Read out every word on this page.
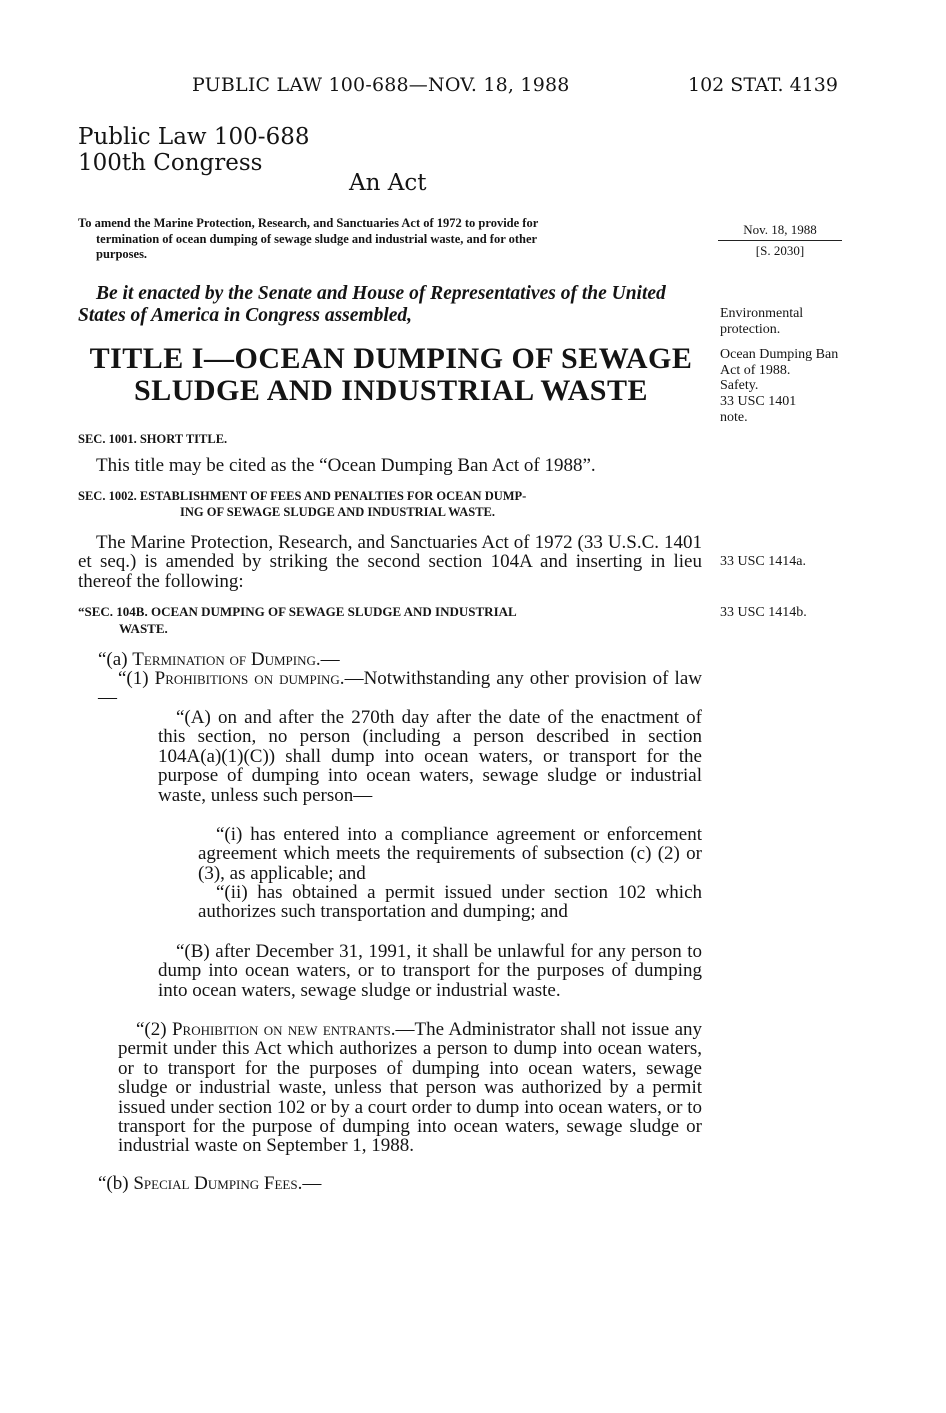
PUBLIC LAW 100-688—NOV. 18, 1988	102 STAT. 4139
Public Law 100-688
100th Congress
An Act
To amend the Marine Protection, Research, and Sanctuaries Act of 1972 to provide for
termination of ocean dumping of sewage sludge and industrial waste, and for other
purposes.
Nov. 18, 1988
[S. 2030]
Be it enacted by the Senate and House of Representatives of the United States of America in Congress assembled,	Environmental protection.
Ocean Dumping Ban Act of 1988.
Safety.
33 USC 1401 note.
TITLE I—OCEAN DUMPING OF SEWAGE
SLUDGE AND INDUSTRIAL WASTE
SEC. 1001. SHORT TITLE.
This title may be cited as the “Ocean Dumping Ban Act of 1988”.
SEC. 1002. ESTABLISHMENT OF FEES AND PENALTIES FOR OCEAN DUMP-
ING OF SEWAGE SLUDGE AND INDUSTRIAL WASTE.
The Marine Protection, Research, and Sanctuaries Act of 1972 (33 U.S.C. 1401 et seq.) is amended by striking the second section 104A and inserting in lieu thereof the following:
33 USC 1414a.
“SEC. 104B. OCEAN DUMPING OF SEWAGE SLUDGE AND INDUSTRIAL
WASTE.
33 USC 1414b.
“(a) Termination of Dumping.—
“(1) Prohibitions on dumping.—Notwithstanding any other provision of law—
“(A) on and after the 270th day after the date of the enactment of this section, no person (including a person described in section 104A(a)(1)(C)) shall dump into ocean waters, or transport for the purpose of dumping into ocean waters, sewage sludge or industrial waste, unless such person—
“(i) has entered into a compliance agreement or enforcement agreement which meets the requirements of subsection (c) (2) or (3), as applicable; and
“(ii) has obtained a permit issued under section 102 which authorizes such transportation and dumping; and
“(B) after December 31, 1991, it shall be unlawful for any person to dump into ocean waters, or to transport for the purposes of dumping into ocean waters, sewage sludge or industrial waste.
“(2) Prohibition on new entrants.—The Administrator shall not issue any permit under this Act which authorizes a person to dump into ocean waters, or to transport for the purposes of dumping into ocean waters, sewage sludge or industrial waste, unless that person was authorized by a permit issued under section 102 or by a court order to dump into ocean waters, or to transport for the purpose of dumping into ocean waters, sewage sludge or industrial waste on September 1, 1988.
“(b) Special Dumping Fees.—
